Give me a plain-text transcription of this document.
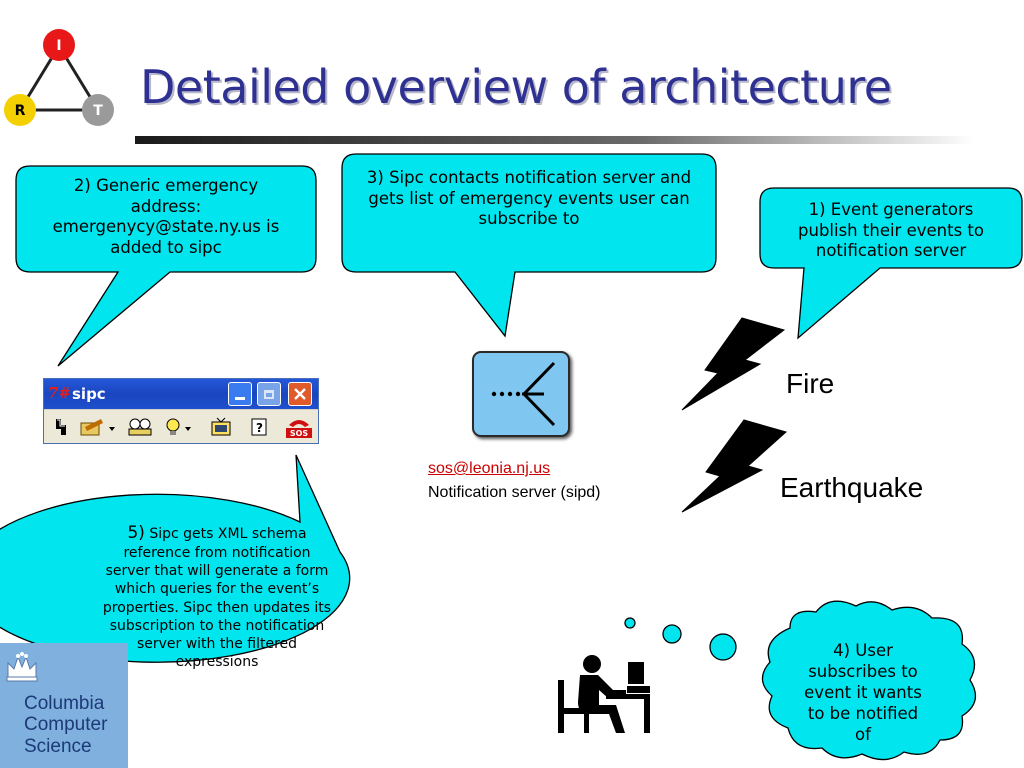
I
R	T Detailed overview of architecture
2) Generic emergency
address:
emergenycy@state.ny.us is
added to sipc
3) Sipc contacts notification server and
gets list of emergency events user can
subscribe to	1) Event generators
publish their events to
notification server
5) Sipc gets XML schema
reference from notification
server that will generate a form
which queries for the event’s
properties. Sipc then updates its
subscription to the notification
server with the filtered
expressions
4) User
subscribes to
event it wants
to be notified
of
7# sipc
?	SOS
sos@leonia.nj.us
Notification server (sipd)
Fire
Earthquake
Columbia
Computer
Science
